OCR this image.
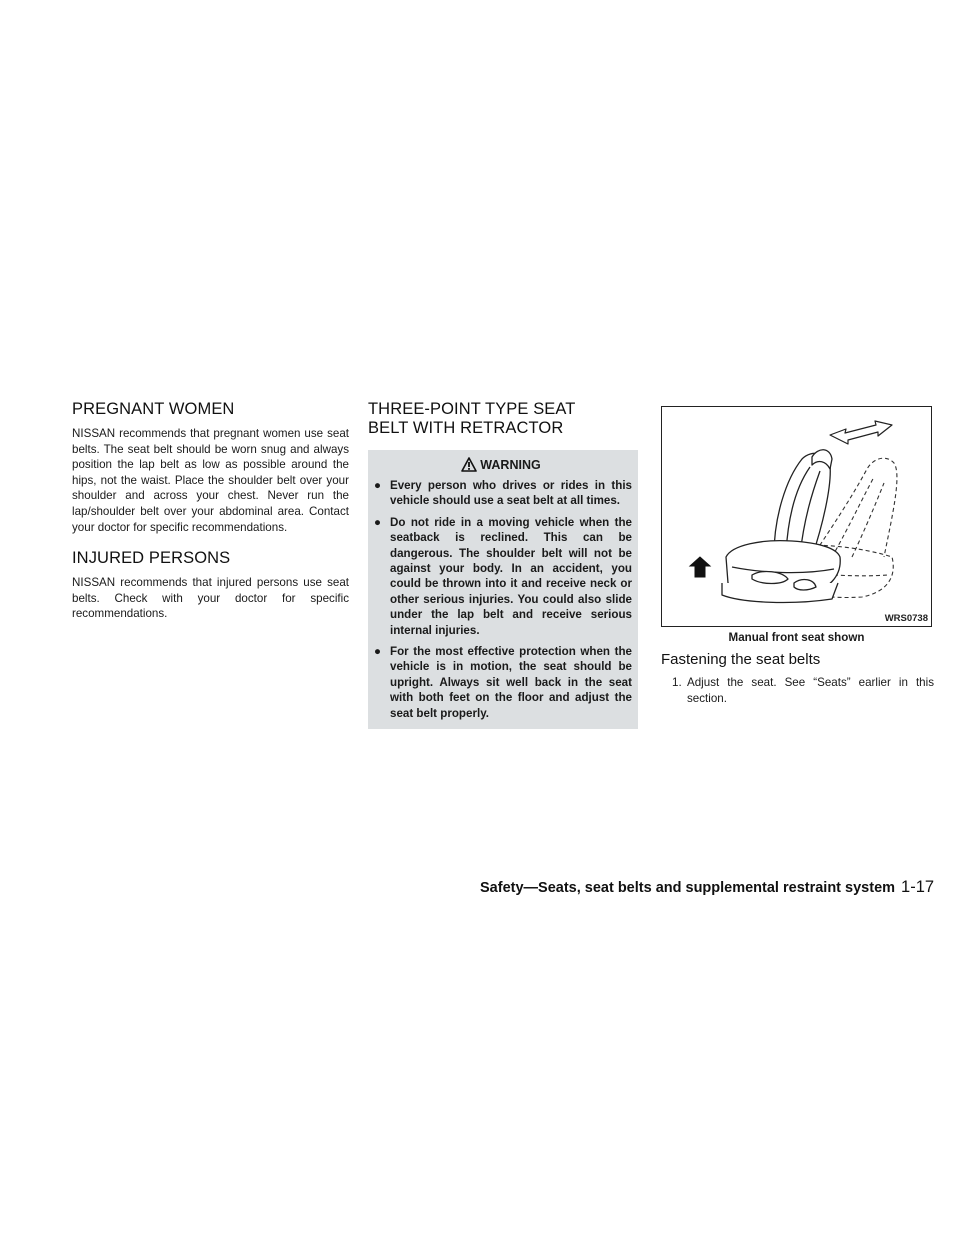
PREGNANT WOMEN

NISSAN recommends that pregnant women use seat belts. The seat belt should be worn snug and always position the lap belt as low as possible around the hips, not the waist. Place the shoulder belt over your shoulder and across your chest. Never run the lap/shoulder belt over your abdominal area. Contact your doctor for specific recommendations.

INJURED PERSONS

NISSAN recommends that injured persons use seat belts. Check with your doctor for specific recommendations.

THREE-POINT TYPE SEAT BELT WITH RETRACTOR
WARNING
● Every person who drives or rides in this vehicle should use a seat belt at all times.
● Do not ride in a moving vehicle when the seatback is reclined. This can be dangerous. The shoulder belt will not be against your body. In an accident, you could be thrown into it and receive neck or other serious injuries. You could also slide under the lap belt and receive serious internal injuries.
● For the most effective protection when the vehicle is in motion, the seat should be upright. Always sit well back in the seat with both feet on the floor and adjust the seat belt properly.
WRS0738
Manual front seat shown
Fastening the seat belts
1. Adjust the seat. See “Seats” earlier in this section.
Safety—Seats, seat belts and supplemental restraint system 1-17
